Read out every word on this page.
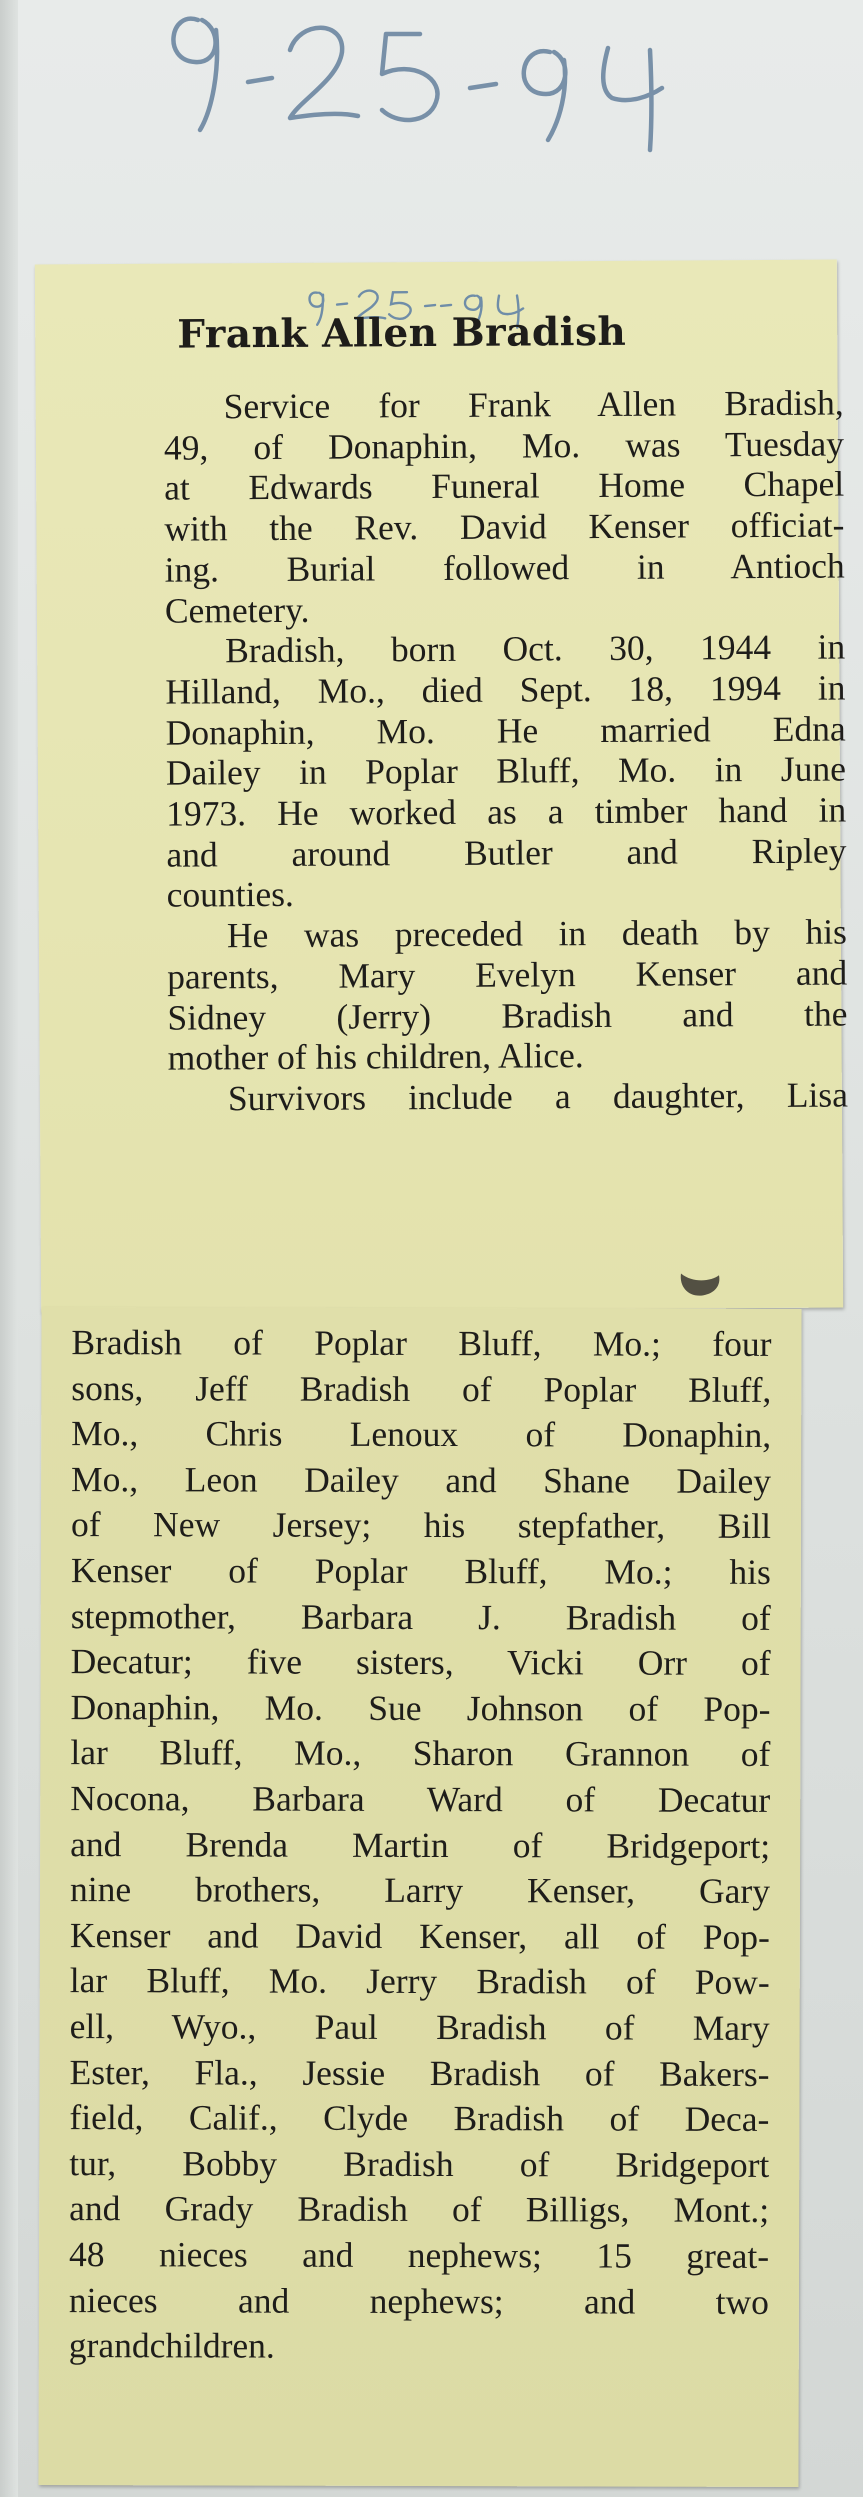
Frank Allen Bradish
Service for Frank Allen Bradish,
49, of Donaphin, Mo. was Tuesday
at Edwards Funeral Home Chapel
with the Rev. David Kenser officiat-
ing. Burial followed in Antioch
Cemetery.
Bradish, born Oct. 30, 1944 in
Hilland, Mo., died Sept. 18, 1994 in
Donaphin, Mo. He married Edna
Dailey in Poplar Bluff, Mo. in June
1973. He worked as a timber hand in
and around Butler and Ripley
counties.
He was preceded in death by his
parents, Mary Evelyn Kenser and
Sidney (Jerry) Bradish and the
mother of his children, Alice.
Survivors include a daughter, Lisa
Bradish of Poplar Bluff, Mo.; four
sons, Jeff Bradish of Poplar Bluff,
Mo., Chris Lenoux of Donaphin,
Mo., Leon Dailey and Shane Dailey
of New Jersey; his stepfather, Bill
Kenser of Poplar Bluff, Mo.; his
stepmother, Barbara J. Bradish of
Decatur; five sisters, Vicki Orr of
Donaphin, Mo. Sue Johnson of Pop-
lar Bluff, Mo., Sharon Grannon of
Nocona, Barbara Ward of Decatur
and Brenda Martin of Bridgeport;
nine brothers, Larry Kenser, Gary
Kenser and David Kenser, all of Pop-
lar Bluff, Mo. Jerry Bradish of Pow-
ell, Wyo., Paul Bradish of Mary
Ester, Fla., Jessie Bradish of Bakers-
field, Calif., Clyde Bradish of Deca-
tur, Bobby Bradish of Bridgeport
and Grady Bradish of Billigs, Mont.;
48 nieces and nephews; 15 great-
nieces and nephews; and two
grandchildren.
